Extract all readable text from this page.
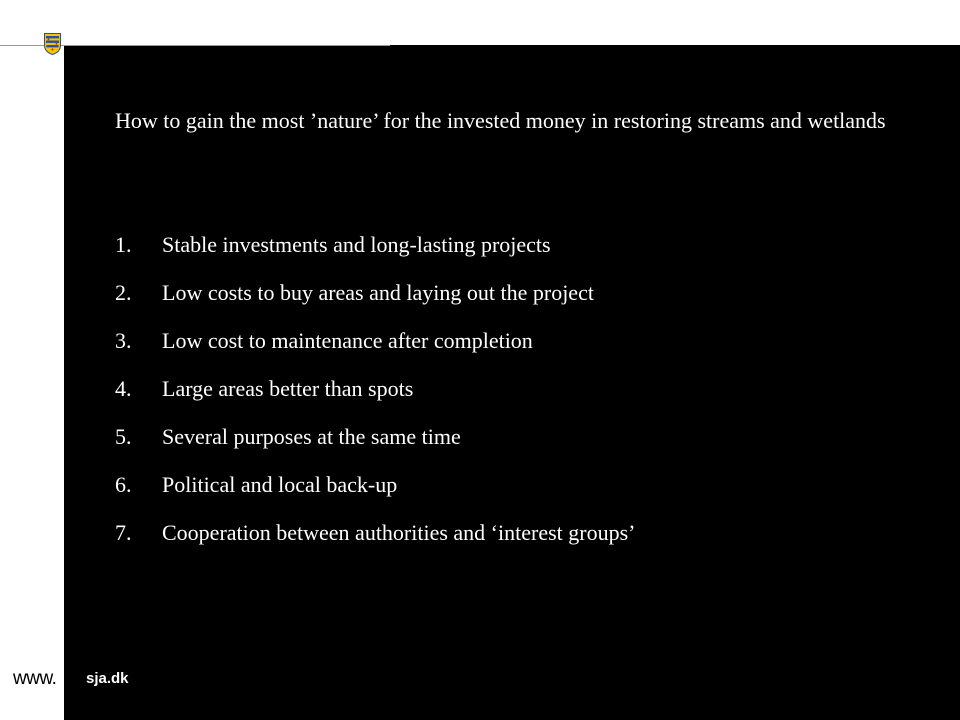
Sønderjyllands Amt
How to gain the most ’nature’ for the invested money in restoring streams and wetlands
1.	Stable investments and long-lasting projects
2.	Low costs to buy areas and laying out the project
3.	Low cost to maintenance after completion
4.	Large areas better than spots
5.	Several purposes at the same time
6.	Political and local back-up
7.	Cooperation between authorities and ‘interest groups’
www. sja.dk
